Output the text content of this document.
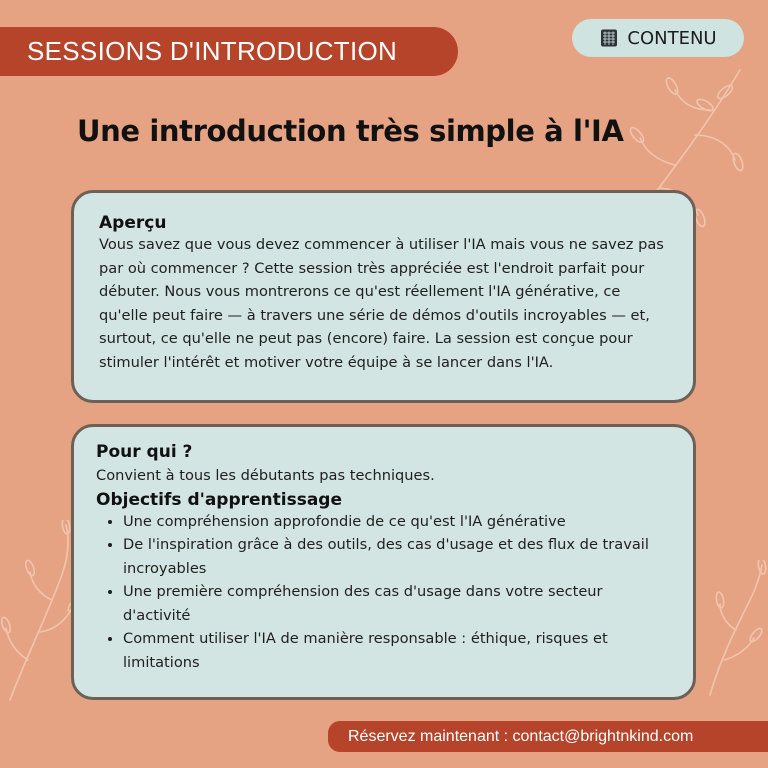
SESSIONS D'INTRODUCTION	CONTENU
Une introduction très simple à l'IA

Aperçu

Vous savez que vous devez commencer à utiliser l'IA mais vous ne savez pas par où commencer ? Cette session très appréciée est l'endroit parfait pour débuter. Nous vous montrerons ce qu'est réellement l'IA générative, ce qu'elle peut faire — à travers une série de démos d'outils incroyables — et, surtout, ce qu'elle ne peut pas (encore) faire. La session est conçue pour stimuler l'intérêt et motiver votre équipe à se lancer dans l'IA.

Pour qui ?

Convient à tous les débutants pas techniques.

Objectifs d'apprentissage

• Une compréhension approfondie de ce qu'est l'IA générative
• De l'inspiration grâce à des outils, des cas d'usage et des flux de travail incroyables
• Une première compréhension des cas d'usage dans votre secteur d'activité
• Comment utiliser l'IA de manière responsable : éthique, risques et limitations
Réservez maintenant : contact@brightnkind.com
